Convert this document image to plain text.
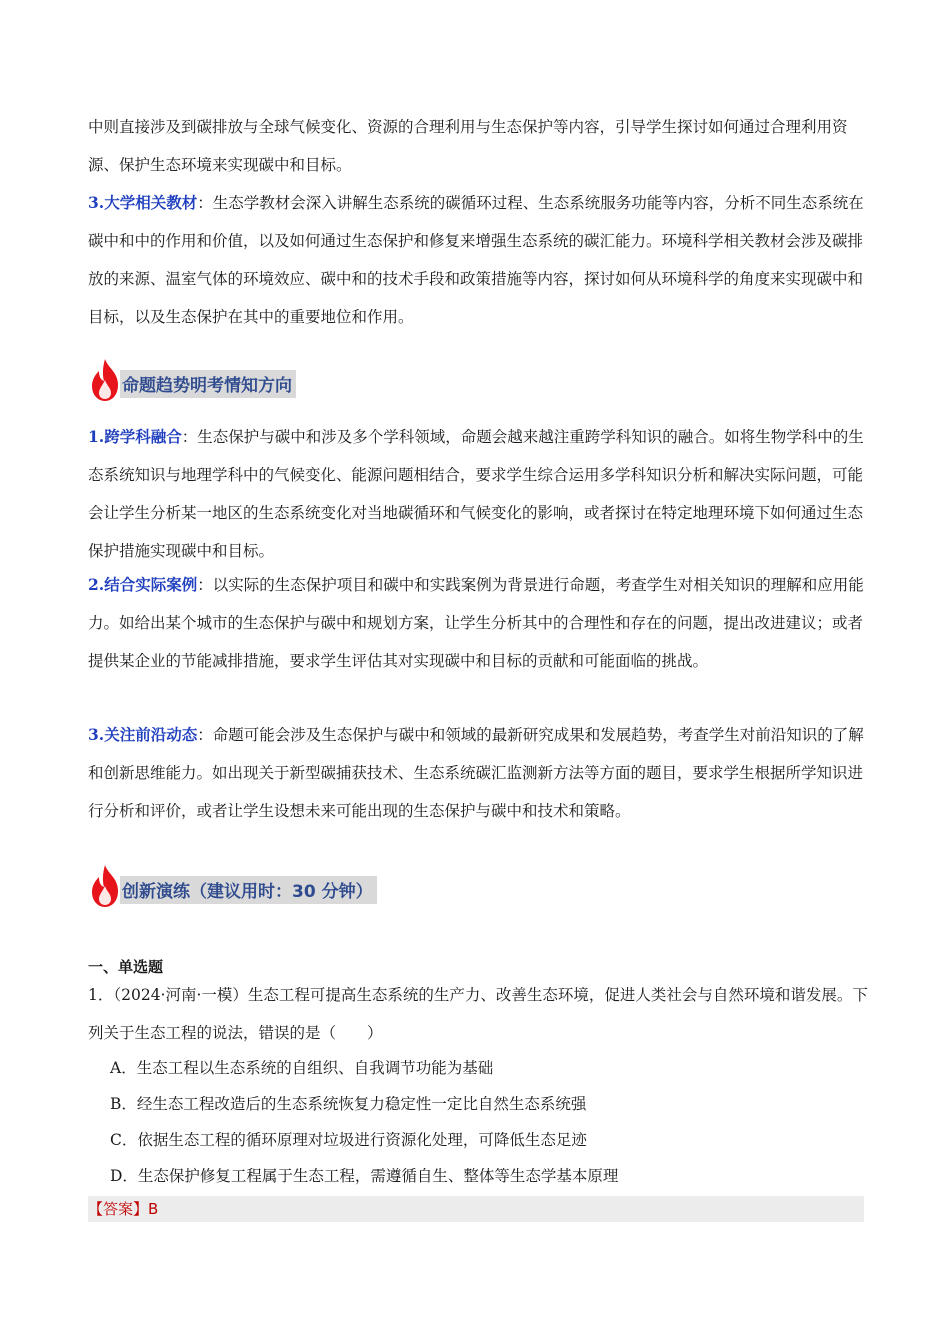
中则直接涉及到碳排放与全球气候变化、资源的合理利用与生态保护等内容，引导学生探讨如何通过合理利用资源、保护生态环境来实现碳中和目标。

3.大学相关教材：生态学教材会深入讲解生态系统的碳循环过程、生态系统服务功能等内容，分析不同生态系统在碳中和中的作用和价值，以及如何通过生态保护和修复来增强生态系统的碳汇能力。环境科学相关教材会涉及碳排放的来源、温室气体的环境效应、碳中和的技术手段和政策措施等内容，探讨如何从环境科学的角度来实现碳中和目标，以及生态保护在其中的重要地位和作用。

命题趋势明考情知方向

1.跨学科融合：生态保护与碳中和涉及多个学科领域，命题会越来越注重跨学科知识的融合。如将生物学科中的生态系统知识与地理学科中的气候变化、能源问题相结合，要求学生综合运用多学科知识分析和解决实际问题，可能会让学生分析某一地区的生态系统变化对当地碳循环和气候变化的影响，或者探讨在特定地理环境下如何通过生态保护措施实现碳中和目标。

2.结合实际案例：以实际的生态保护项目和碳中和实践案例为背景进行命题，考查学生对相关知识的理解和应用能力。如给出某个城市的生态保护与碳中和规划方案，让学生分析其中的合理性和存在的问题，提出改进建议；或者提供某企业的节能减排措施，要求学生评估其对实现碳中和目标的贡献和可能面临的挑战。

3.关注前沿动态：命题可能会涉及生态保护与碳中和领域的最新研究成果和发展趋势，考查学生对前沿知识的了解和创新思维能力。如出现关于新型碳捕获技术、生态系统碳汇监测新方法等方面的题目，要求学生根据所学知识进行分析和评价，或者让学生设想未来可能出现的生态保护与碳中和技术和策略。

创新演练（建议用时：30 分钟）
一、单选题

1．（2024·河南·一模）生态工程可提高生态系统的生产力、改善生态环境，促进人类社会与自然环境和谐发展。下列关于生态工程的说法，错误的是（　　）

A．生态工程以生态系统的自组织、自我调节功能为基础
B．经生态工程改造后的生态系统恢复力稳定性一定比自然生态系统强
C．依据生态工程的循环原理对垃圾进行资源化处理，可降低生态足迹
D．生态保护修复工程属于生态工程，需遵循自生、整体等生态学基本原理
【答案】B
